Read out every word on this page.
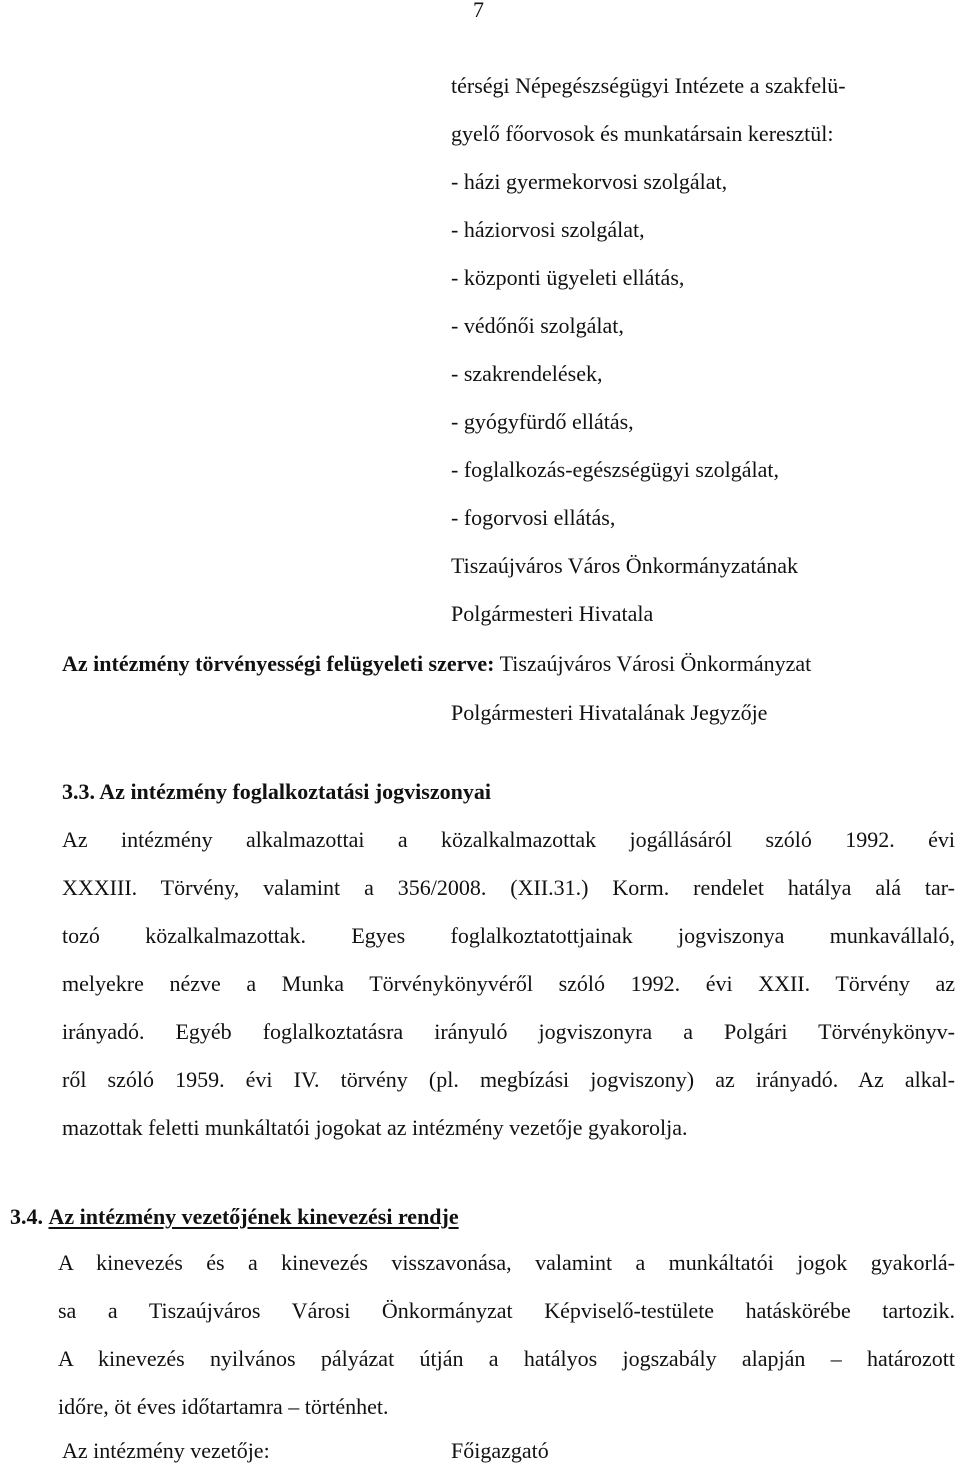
7
térségi Népegészségügyi Intézete a szakfelü-
gyelő főorvosok és munkatársain keresztül:
- házi gyermekorvosi szolgálat,
- háziorvosi szolgálat,
- központi ügyeleti ellátás,
- védőnői szolgálat,
- szakrendelések,
- gyógyfürdő ellátás,
- foglalkozás-egészségügyi szolgálat,
- fogorvosi ellátás,
Tiszaújváros Város Önkormányzatának
Polgármesteri Hivatala
Az intézmény törvényességi felügyeleti szerve: Tiszaújváros Városi Önkormányzat
Polgármesteri Hivatalának Jegyzője
3.3. Az intézmény foglalkoztatási jogviszonyai
Az intézmény alkalmazottai a közalkalmazottak jogállásáról szóló 1992. évi
XXXIII. Törvény, valamint a 356/2008. (XII.31.) Korm. rendelet hatálya alá tar-
tozó közalkalmazottak. Egyes foglalkoztatottjainak jogviszonya munkavállaló,
melyekre nézve a Munka Törvénykönyvéről szóló 1992. évi XXII. Törvény az
irányadó. Egyéb foglalkoztatásra irányuló jogviszonyra a Polgári Törvénykönyv-
ről szóló 1959. évi IV. törvény (pl. megbízási jogviszony) az irányadó. Az alkal-
mazottak feletti munkáltatói jogokat az intézmény vezetője gyakorolja.
3.4. Az intézmény vezetőjének kinevezési rendje
A kinevezés és a kinevezés visszavonása, valamint a munkáltatói jogok gyakorlá-
sa a Tiszaújváros Városi Önkormányzat Képviselő-testülete hatáskörébe tartozik.
A kinevezés nyilvános pályázat útján a hatályos jogszabály alapján – határozott
időre, öt éves időtartamra – történhet.
Az intézmény vezetője:	Főigazgató
